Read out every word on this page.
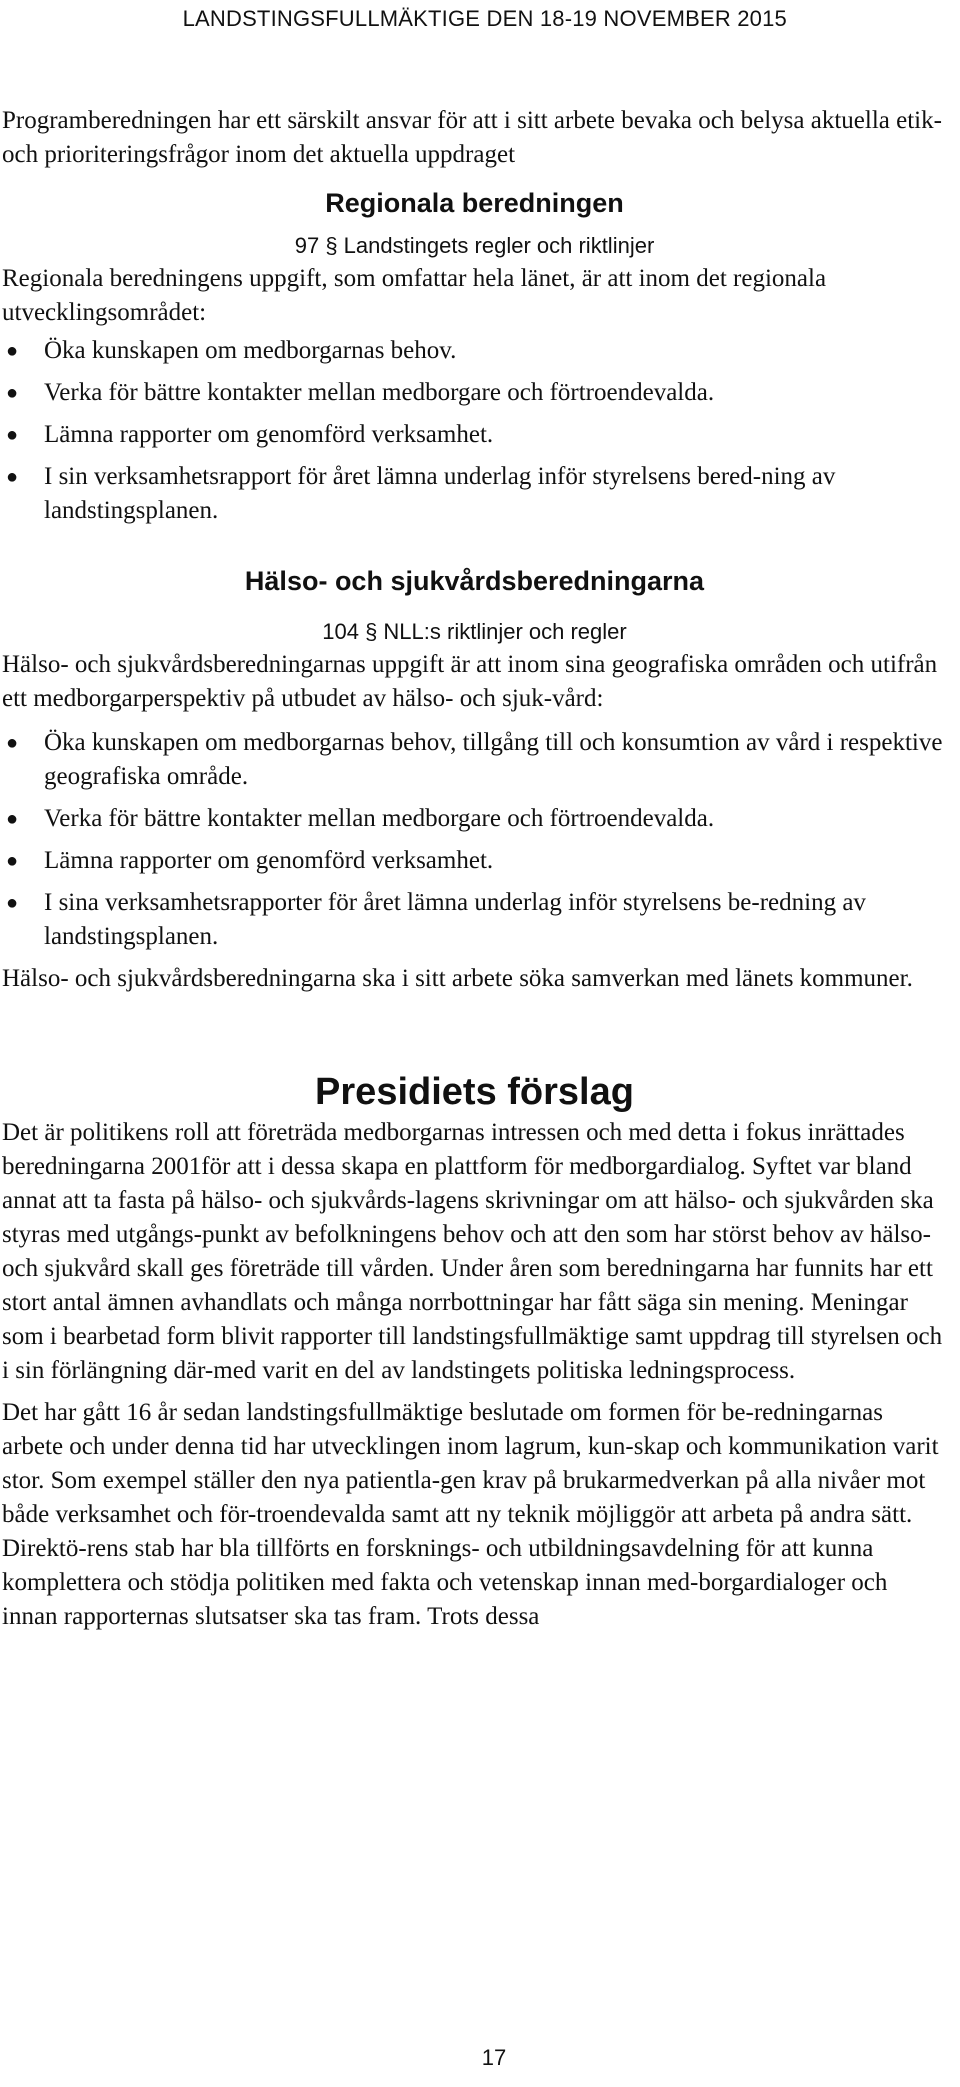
LANDSTINGSFULLMÄKTIGE DEN 18-19 NOVEMBER 2015

Programberedningen har ett särskilt ansvar för att i sitt arbete bevaka och belysa aktuella etik- och prioriteringsfrågor inom det aktuella uppdraget

Regionala beredningen
97 § Landstingets regler och riktlinjer

Regionala beredningens uppgift, som omfattar hela länet, är att inom det regionala utvecklingsområdet:

● Öka kunskapen om medborgarnas behov.
● Verka för bättre kontakter mellan medborgare och förtroendevalda.
● Lämna rapporter om genomförd verksamhet.
● I sin verksamhetsrapport för året lämna underlag inför styrelsens bered-ning av landstingsplanen.
Hälso- och sjukvårdsberedningarna
104 § NLL:s riktlinjer och regler

Hälso- och sjukvårdsberedningarnas uppgift är att inom sina geografiska områden och utifrån ett medborgarperspektiv på utbudet av hälso- och sjuk-vård:

● Öka kunskapen om medborgarnas behov, tillgång till och konsumtion av vård i respektive geografiska område.
● Verka för bättre kontakter mellan medborgare och förtroendevalda.
● Lämna rapporter om genomförd verksamhet.
● I sina verksamhetsrapporter för året lämna underlag inför styrelsens be-redning av landstingsplanen.

Hälso- och sjukvårdsberedningarna ska i sitt arbete söka samverkan med länets kommuner.

Presidiets förslag

Det är politikens roll att företräda medborgarnas intressen och med detta i fokus inrättades beredningarna 2001för att i dessa skapa en plattform för medborgardialog. Syftet var bland annat att ta fasta på hälso- och sjukvårds-lagens skrivningar om att hälso- och sjukvården ska styras med utgångs-punkt av befolkningens behov och att den som har störst behov av hälso- och sjukvård skall ges företräde till vården. Under åren som beredningarna har funnits har ett stort antal ämnen avhandlats och många norrbottningar har fått säga sin mening. Meningar som i bearbetad form blivit rapporter till landstingsfullmäktige samt uppdrag till styrelsen och i sin förlängning där-med varit en del av landstingets politiska ledningsprocess.

Det har gått 16 år sedan landstingsfullmäktige beslutade om formen för be-redningarnas arbete och under denna tid har utvecklingen inom lagrum, kun-skap och kommunikation varit stor. Som exempel ställer den nya patientla-gen krav på brukarmedverkan på alla nivåer mot både verksamhet och för-troendevalda samt att ny teknik möjliggör att arbeta på andra sätt. Direktö-rens stab har bla tillförts en forsknings- och utbildningsavdelning för att kunna komplettera och stödja politiken med fakta och vetenskap innan med-borgardialoger och innan rapporternas slutsatser ska tas fram. Trots dessa

17
